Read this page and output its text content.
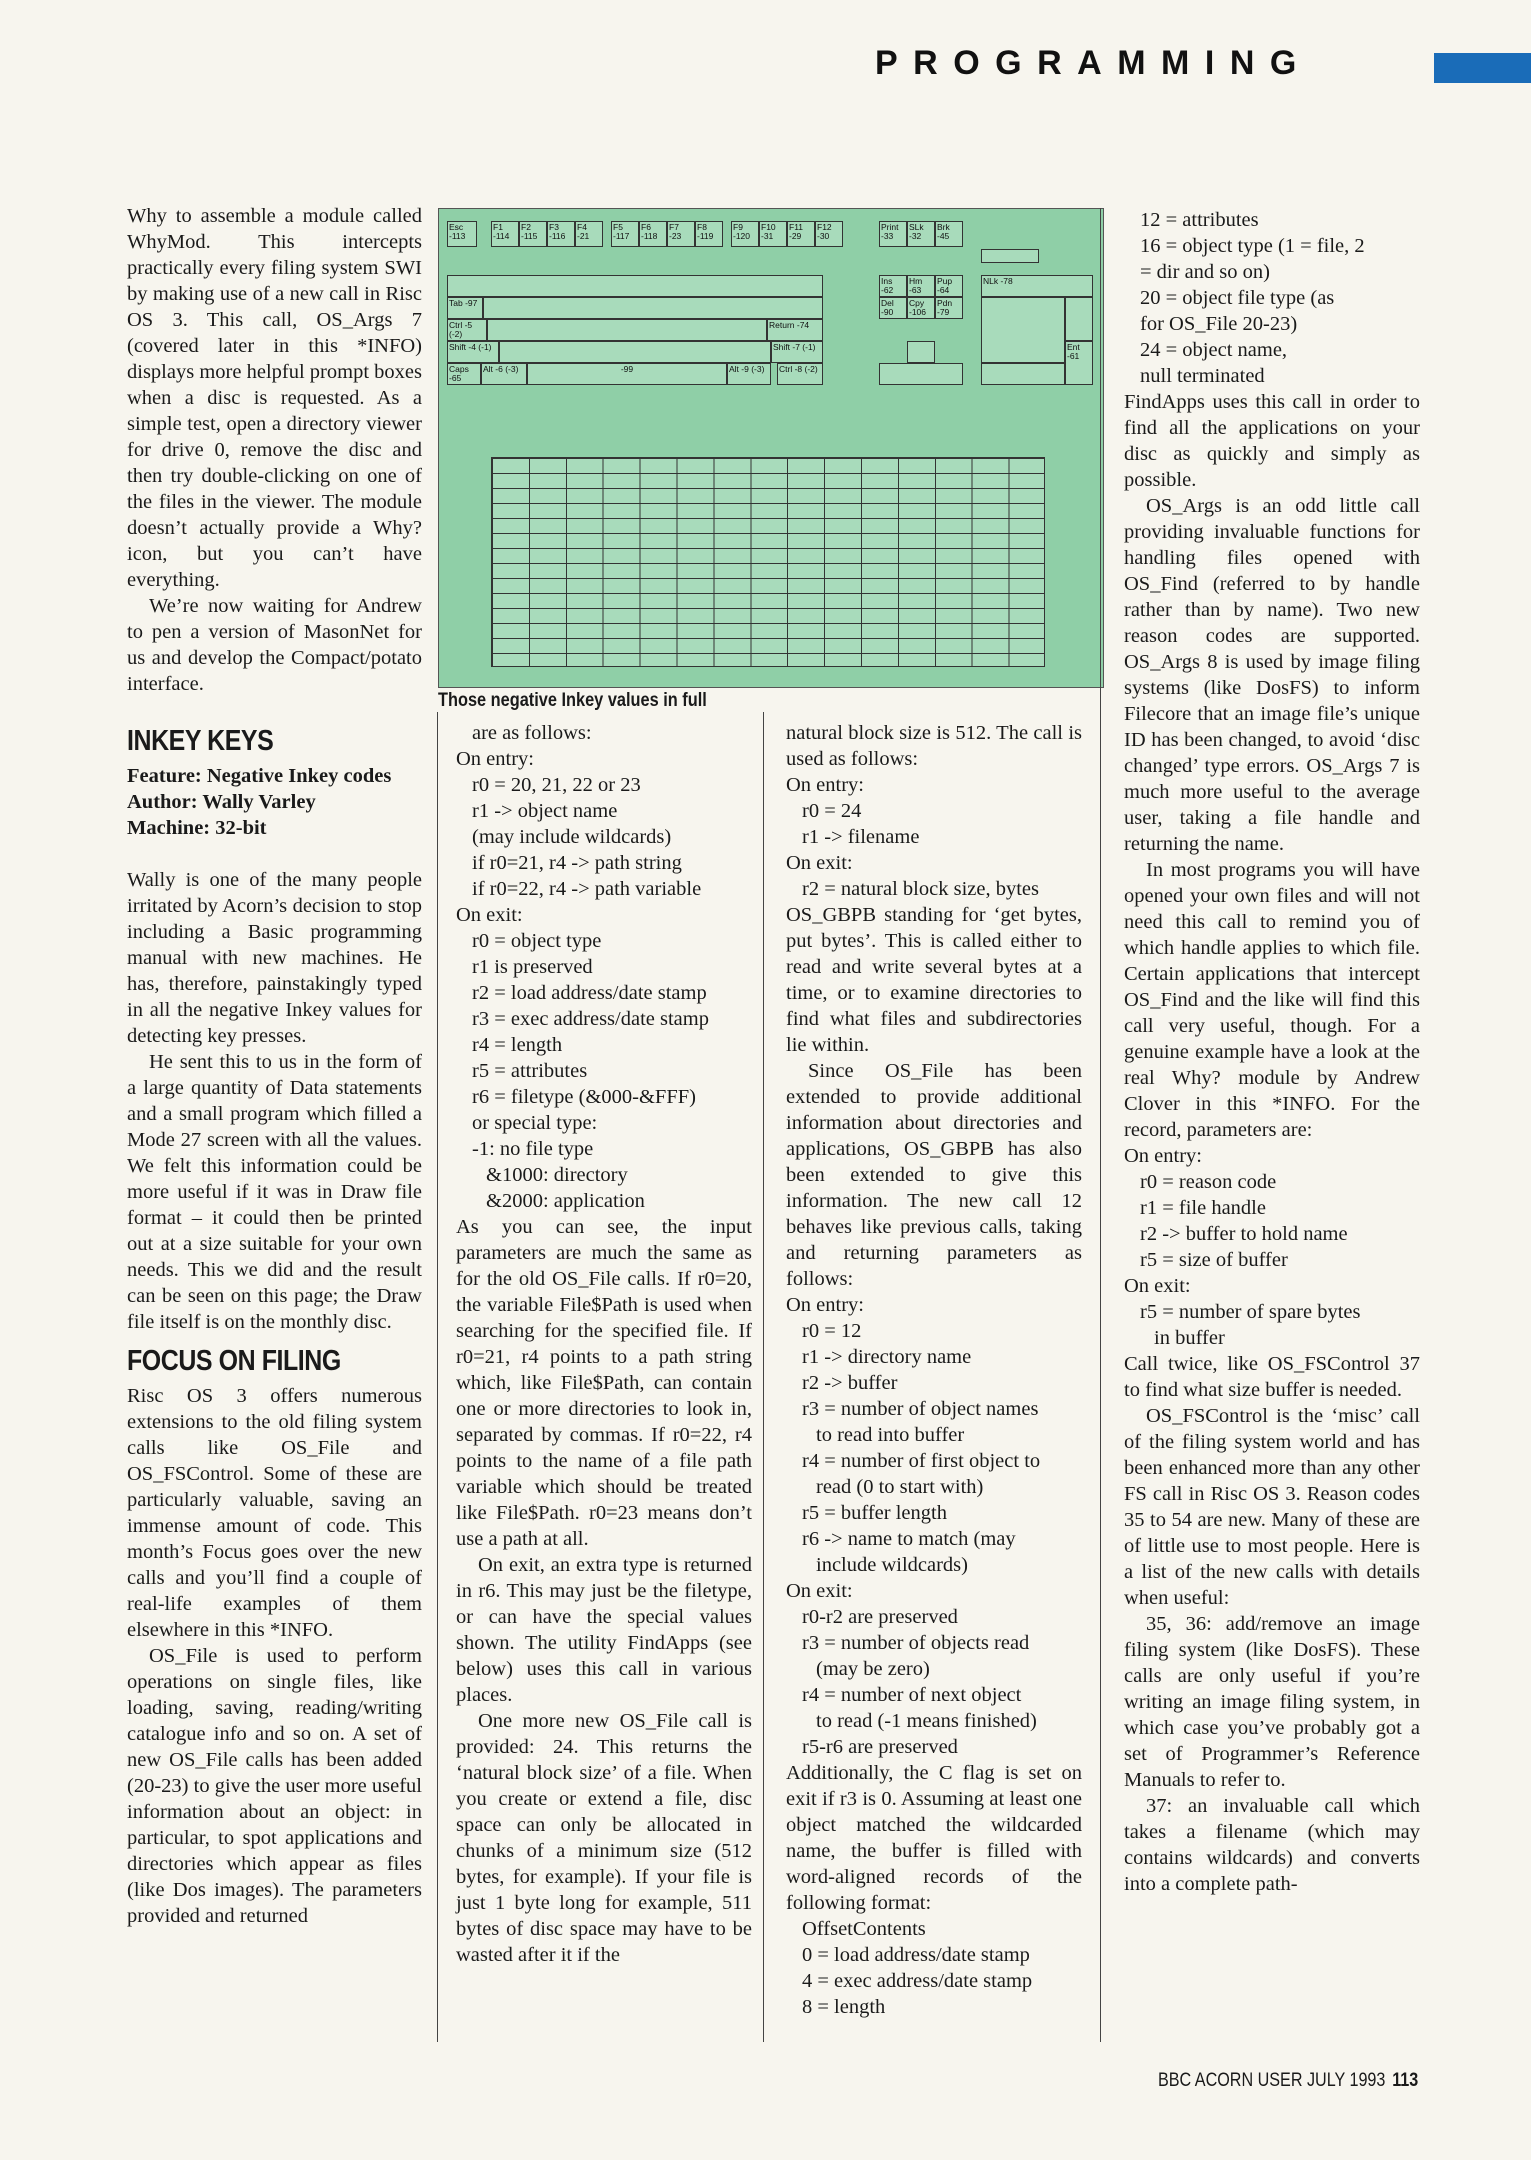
PROGRAMMING
Esc -113
F1 -114
F2 -115
F3 -116
F4 -21
F5 -117
F6 -118
F7 -23
F8 -119
F9 -120
F10 -31
F11 -29
F12 -30
Print -33
SLk -32
Brk -45
Tab -97
Ctrl -5 (-2)
Return -74
Shift -4 (-1)	Shift -7 (-1)
Caps -65
Alt -6 (-3)	-99	Alt -9 (-3)	Ctrl -8 (-2)
Ins -62
Hm -63
Pup -64
Del -90
Cpy -106
Pdn -79
NLk -78
Ent -61
Those negative Inkey values in full

Why to assemble a module called WhyMod. This intercepts practically every filing system SWI by making use of a new call in Risc OS 3. This call, OS_Args 7 (covered later in this *INFO) displays more helpful prompt boxes when a disc is requested. As a simple test, open a directory viewer for drive 0, remove the disc and then try double-clicking on one of the files in the viewer. The module doesn’t actually provide a Why? icon, but you can’t have everything.

We’re now waiting for Andrew to pen a version of MasonNet for us and develop the Compact/potato interface.

INKEY KEYS

Feature: Negative Inkey codes

Author: Wally Varley

Machine: 32-bit

Wally is one of the many people irritated by Acorn’s decision to stop including a Basic programming manual with new machines. He has, therefore, painstakingly typed in all the negative Inkey values for detecting key presses.

He sent this to us in the form of a large quantity of Data statements and a small program which filled a Mode 27 screen with all the values. We felt this information could be more useful if it was in Draw file format – it could then be printed out at a size suitable for your own needs. This we did and the result can be seen on this page; the Draw file itself is on the monthly disc.

FOCUS ON FILING

Risc OS 3 offers numerous extensions to the old filing system calls like OS_File and OS_FSControl. Some of these are particularly valuable, saving an immense amount of code. This month’s Focus goes over the new calls and you’ll find a couple of real-life examples of them elsewhere in this *INFO.

OS_File is used to perform operations on single files, like loading, saving, reading/writing catalogue info and so on. A set of new OS_File calls has been added (20-23) to give the user more useful information about an object: in particular, to spot applications and directories which appear as files (like Dos images). The parameters provided and returned

are as follows:
On entry:
r0 = 20, 21, 22 or 23
r1 -> object name
(may include wildcards)
if r0=21, r4 -> path string
if r0=22, r4 -> path variable
On exit:
r0 = object type
r1 is preserved
r2 = load address/date stamp
r3 = exec address/date stamp
r4 = length
r5 = attributes
r6 = filetype (&000-&FFF)
or special type:
-1: no file type
&1000: directory
&2000: application

As you can see, the input parameters are much the same as for the old OS_File calls. If r0=20, the variable File$Path is used when searching for the specified file. If r0=21, r4 points to a path string which, like File$Path, can contain one or more directories to look in, separated by commas. If r0=22, r4 points to the name of a file path variable which should be treated like File$Path. r0=23 means don’t use a path at all.

On exit, an extra type is returned in r6. This may just be the filetype, or can have the special values shown. The utility FindApps (see below) uses this call in various places.

One more new OS_File call is provided: 24. This returns the ‘natural block size’ of a file. When you create or extend a file, disc space can only be allocated in chunks of a minimum size (512 bytes, for example). If your file is just 1 byte long for example, 511 bytes of disc space may have to be wasted after it if the

natural block size is 512. The call is used as follows:

On entry:
r0 = 24
r1 -> filename
On exit:
r2 = natural block size, bytes

OS_GBPB standing for ‘get bytes, put bytes’. This is called either to read and write several bytes at a time, or to examine directories to find what files and subdirectories lie within.

Since OS_File has been extended to provide additional information about directories and applications, OS_GBPB has also been extended to give this information. The new call 12 behaves like previous calls, taking and returning parameters as follows:

On entry:
r0 = 12
r1 -> directory name
r2 -> buffer
r3 = number of object names
to read into buffer
r4 = number of first object to
read (0 to start with)
r5 = buffer length
r6 -> name to match (may
include wildcards)
On exit:
r0-r2 are preserved
r3 = number of objects read
(may be zero)
r4 = number of next object
to read (-1 means finished)
r5-r6 are preserved

Additionally, the C flag is set on exit if r3 is 0. Assuming at least one object matched the wildcarded name, the buffer is filled with word-aligned records of the following format:

OffsetContents
0 = load address/date stamp
4 = exec address/date stamp
8 = length
12 = attributes
16 = object type (1 = file, 2
= dir and so on)
20 = object file type (as
for OS_File 20-23)
24 = object name,
null terminated

FindApps uses this call in order to find all the applications on your disc as quickly and simply as possible.

OS_Args is an odd little call providing invaluable functions for handling files opened with OS_Find (referred to by handle rather than by name). Two new reason codes are supported. OS_Args 8 is used by image filing systems (like DosFS) to inform Filecore that an image file’s unique ID has been changed, to avoid ‘disc changed’ type errors. OS_Args 7 is much more useful to the average user, taking a file handle and returning the name.

In most programs you will have opened your own files and will not need this call to remind you of which handle applies to which file. Certain applications that intercept OS_Find and the like will find this call very useful, though. For a genuine example have a look at the real Why? module by Andrew Clover in this *INFO. For the record, parameters are:

On entry:
r0 = reason code
r1 = file handle
r2 -> buffer to hold name
r5 = size of buffer
On exit:
r5 = number of spare bytes
in buffer

Call twice, like OS_FSControl 37 to find what size buffer is needed.

OS_FSControl is the ‘misc’ call of the filing system world and has been enhanced more than any other FS call in Risc OS 3. Reason codes 35 to 54 are new. Many of these are of little use to most people. Here is a list of the new calls with details when useful:

35, 36: add/remove an image filing system (like DosFS). These calls are only useful if you’re writing an image filing system, in which case you’ve probably got a set of Programmer’s Reference Manuals to refer to.

37: an invaluable call which takes a filename (which may contains wildcards) and converts into a complete path-

BBC ACORN USER JULY 1993 113
